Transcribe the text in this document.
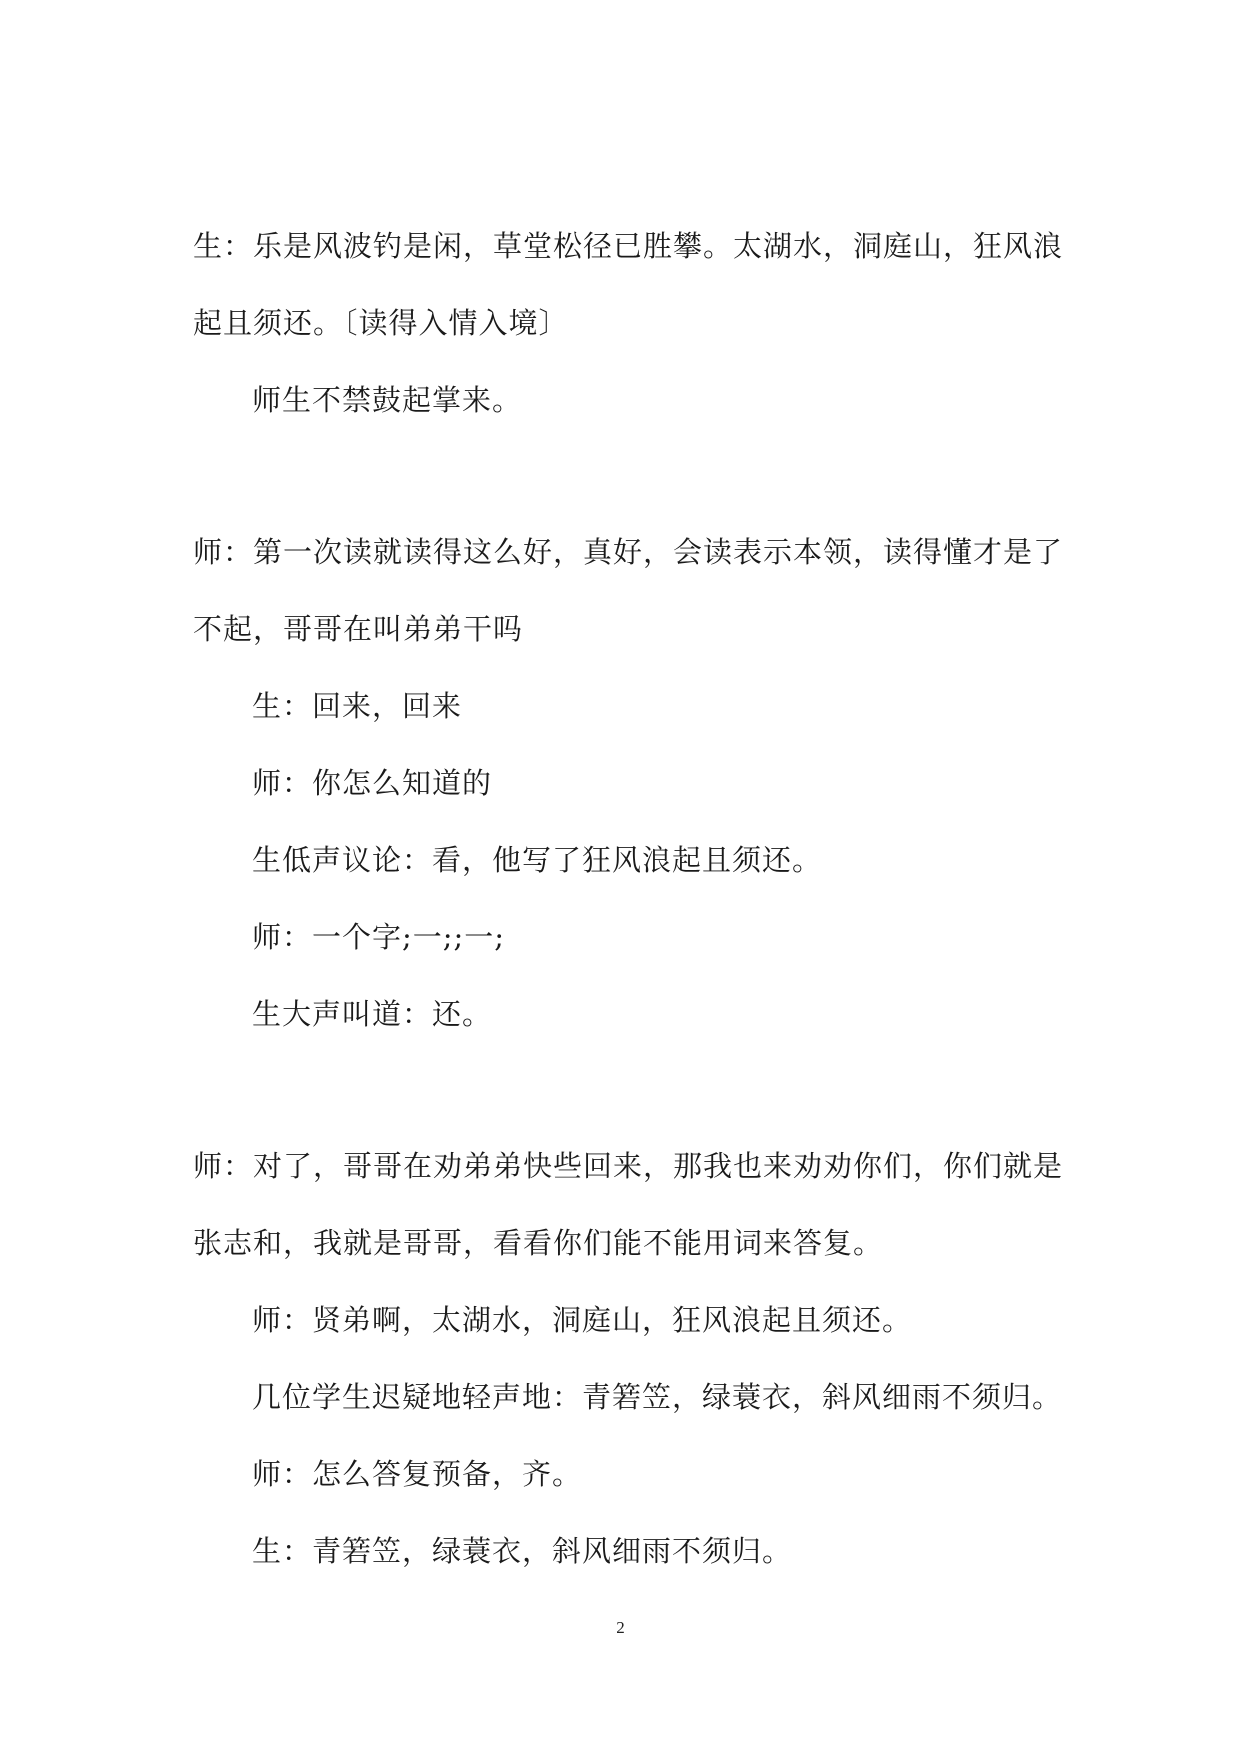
生：乐是风波钓是闲，草堂松径已胜攀。太湖水，洞庭山，狂风浪
起且须还。〔读得入情入境〕
师生不禁鼓起掌来。
师：第一次读就读得这么好，真好，会读表示本领，读得懂才是了
不起，哥哥在叫弟弟干吗
生：回来，回来
师：你怎么知道的
生低声议论：看，他写了狂风浪起且须还。
师：一个字;一;;一;
生大声叫道：还。
师：对了，哥哥在劝弟弟快些回来，那我也来劝劝你们，你们就是
张志和，我就是哥哥，看看你们能不能用词来答复。
师：贤弟啊，太湖水，洞庭山，狂风浪起且须还。
几位学生迟疑地轻声地：青箬笠，绿蓑衣，斜风细雨不须归。
师：怎么答复预备，齐。
生：青箬笠，绿蓑衣，斜风细雨不须归。
2
